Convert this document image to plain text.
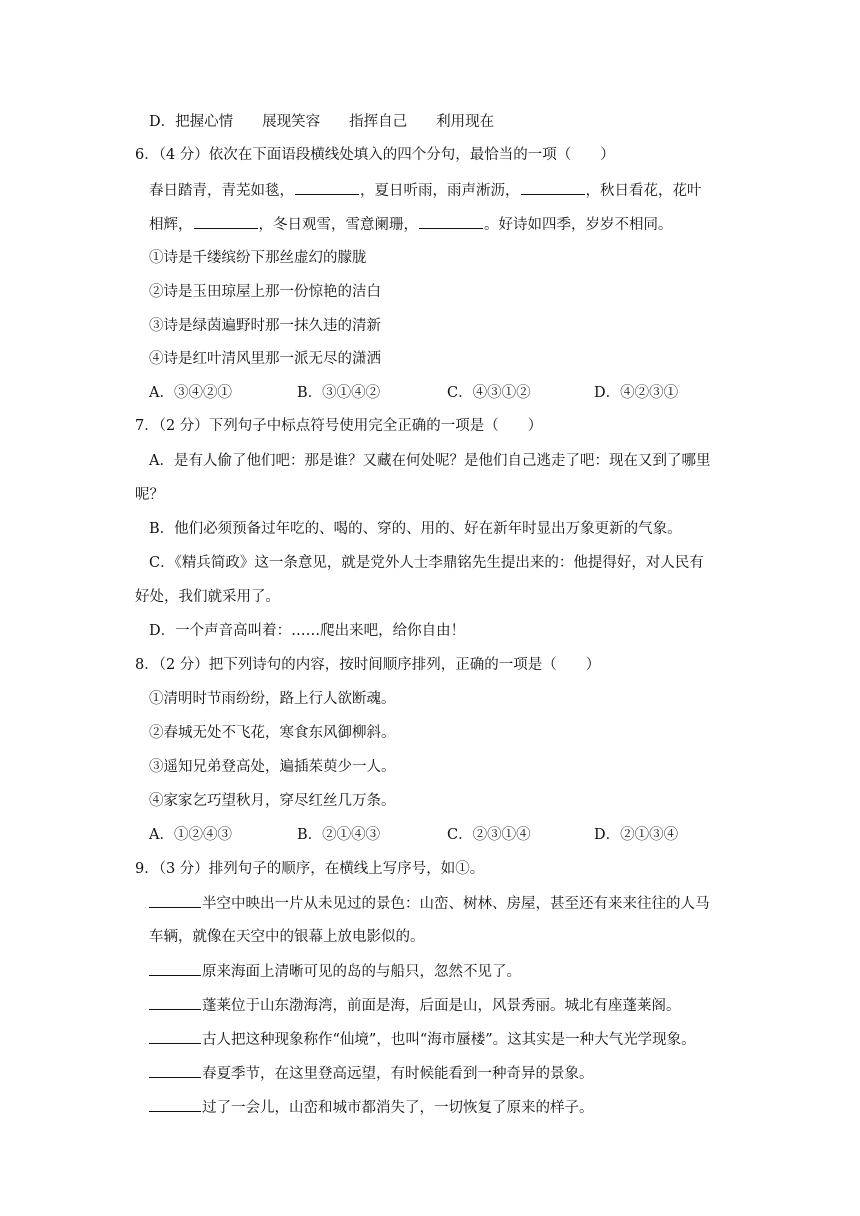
D．把握心情　　展现笑容　　指挥自己　　利用现在
6．（4 分）依次在下面语段横线处填入的四个分句，最恰当的一项（　　）
春日踏青，青芜如毯，	，夏日听雨，雨声淅沥，	，秋日看花，花叶
相辉，	，冬日观雪，雪意阑珊，	。好诗如四季，岁岁不相同。
①诗是千缕缤纷下那丝虚幻的朦胧
②诗是玉田琼屋上那一份惊艳的洁白
③诗是绿茵遍野时那一抹久违的清新
④诗是红叶清风里那一派无尽的潇洒
A．③④②①	B．③①④②	C．④③①②	D．④②③①
7．（2 分）下列句子中标点符号使用完全正确的一项是（　　）
A．是有人偷了他们吧：那是谁？又藏在何处呢？是他们自己逃走了吧：现在又到了哪里
呢？
B．他们必须预备过年吃的、喝的、穿的、用的、好在新年时显出万象更新的气象。
C．《精兵简政》这一条意见，就是党外人士李鼎铭先生提出来的：他提得好，对人民有
好处，我们就采用了。
D．一个声音高叫着：……爬出来吧，给你自由！
8．（2 分）把下列诗句的内容，按时间顺序排列，正确的一项是（　　）
①清明时节雨纷纷，路上行人欲断魂。
②春城无处不飞花，寒食东风御柳斜。
③遥知兄弟登高处，遍插茱萸少一人。
④家家乞巧望秋月，穿尽红丝几万条。
A．①②④③	B．②①④③	C．②③①④	D．②①③④
9．（3 分）排列句子的顺序，在横线上写序号，如①。
半空中映出一片从未见过的景色：山峦、树林、房屋，甚至还有来来往往的人马
车辆，就像在天空中的银幕上放电影似的。
原来海面上清晰可见的岛的与船只，忽然不见了。
蓬莱位于山东渤海湾，前面是海，后面是山，风景秀丽。城北有座蓬莱阁。
古人把这种现象称作“仙境”，也叫“海市蜃楼”。这其实是一种大气光学现象。
春夏季节，在这里登高远望，有时候能看到一种奇异的景象。
过了一会儿，山峦和城市都消失了，一切恢复了原来的样子。
